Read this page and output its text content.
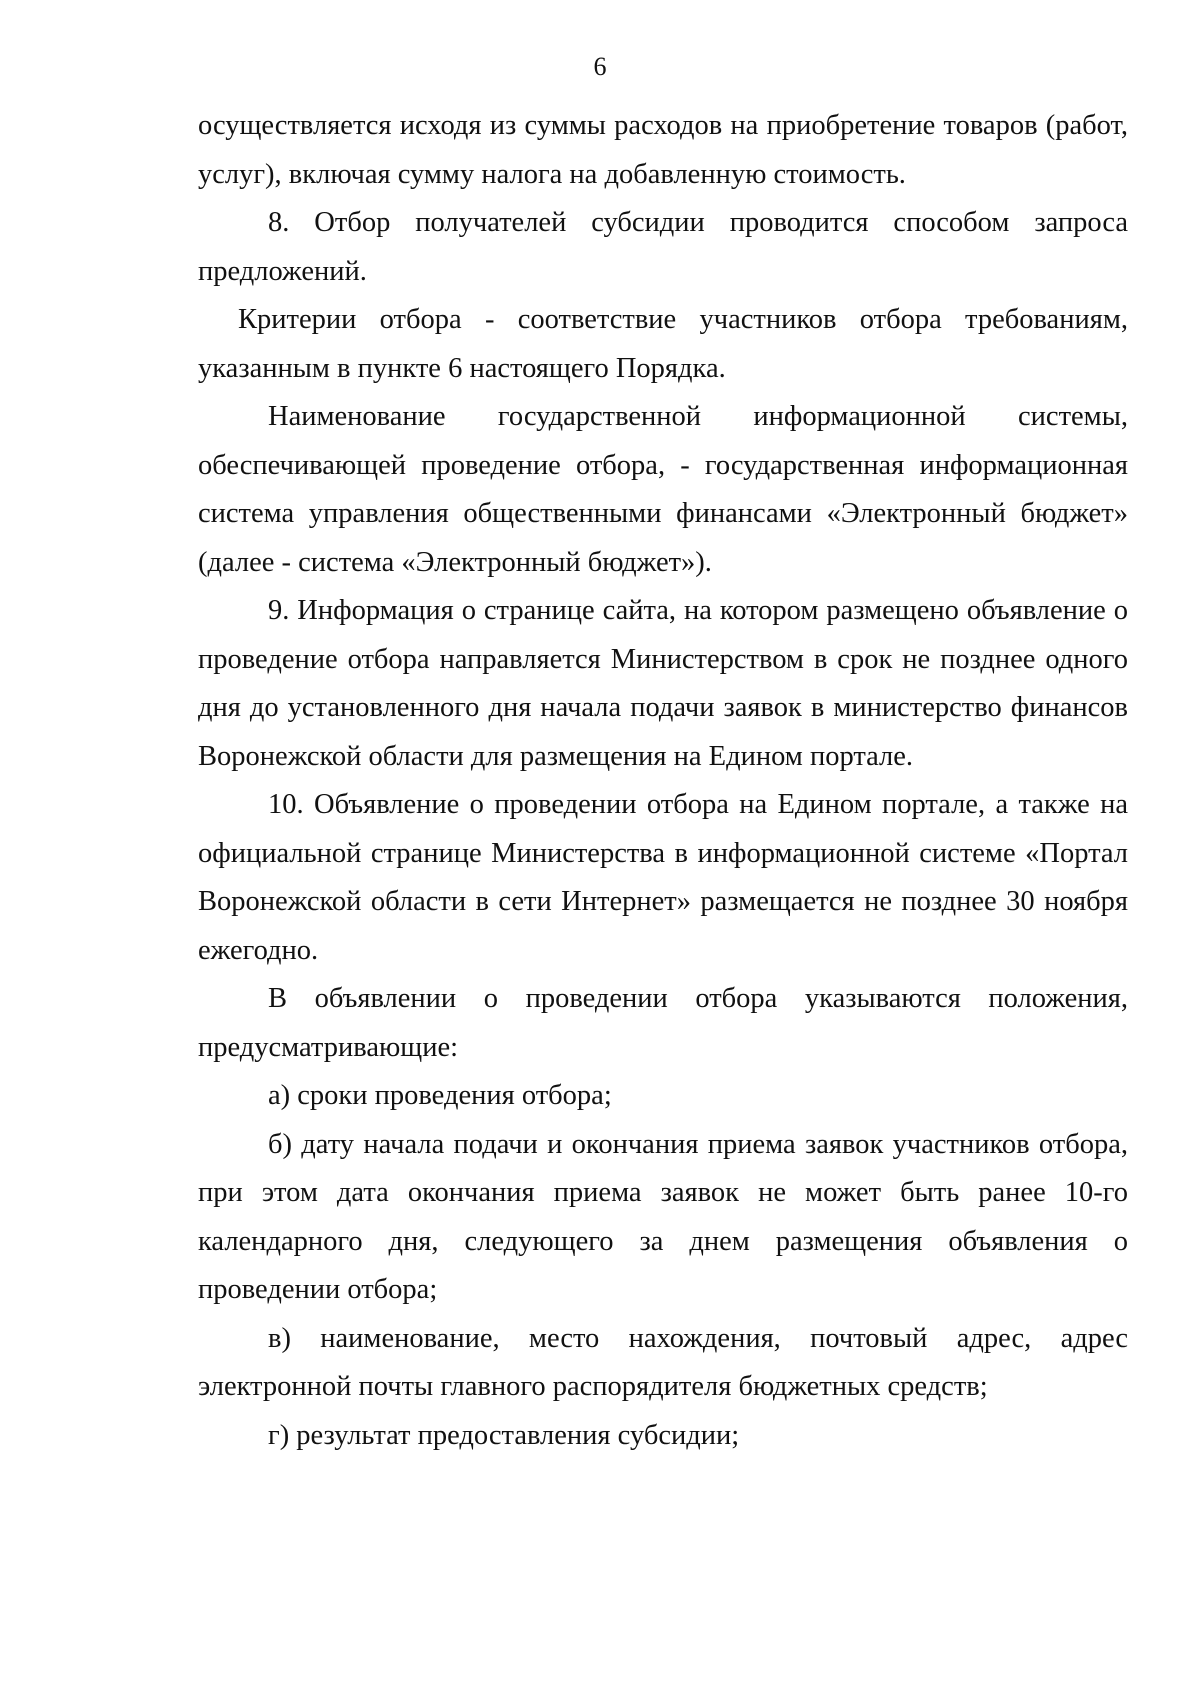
6

осуществляется исходя из суммы расходов на приобретение товаров (работ, услуг), включая сумму налога на добавленную стоимость.

8. Отбор получателей субсидии проводится способом запроса предложений.

Критерии отбора - соответствие участников отбора требованиям, указанным в пункте 6 настоящего Порядка.

Наименование государственной информационной системы, обеспечивающей проведение отбора, - государственная информационная система управления общественными финансами «Электронный бюджет» (далее - система «Электронный бюджет»).

9. Информация о странице сайта, на котором размещено объявление о проведение отбора направляется Министерством в срок не позднее одного дня до установленного дня начала подачи заявок в министерство финансов Воронежской области для размещения на Едином портале.

10. Объявление о проведении отбора на Едином портале, а также на официальной странице Министерства в информационной системе «Портал Воронежской области в сети Интернет» размещается не позднее 30 ноября ежегодно.

В объявлении о проведении отбора указываются положения, предусматривающие:

а) сроки проведения отбора;

б) дату начала подачи и окончания приема заявок участников отбора, при этом дата окончания приема заявок не может быть ранее 10-го календарного дня, следующего за днем размещения объявления о проведении отбора;

в) наименование, место нахождения, почтовый адрес, адрес электронной почты главного распорядителя бюджетных средств;

г) результат предоставления субсидии;
